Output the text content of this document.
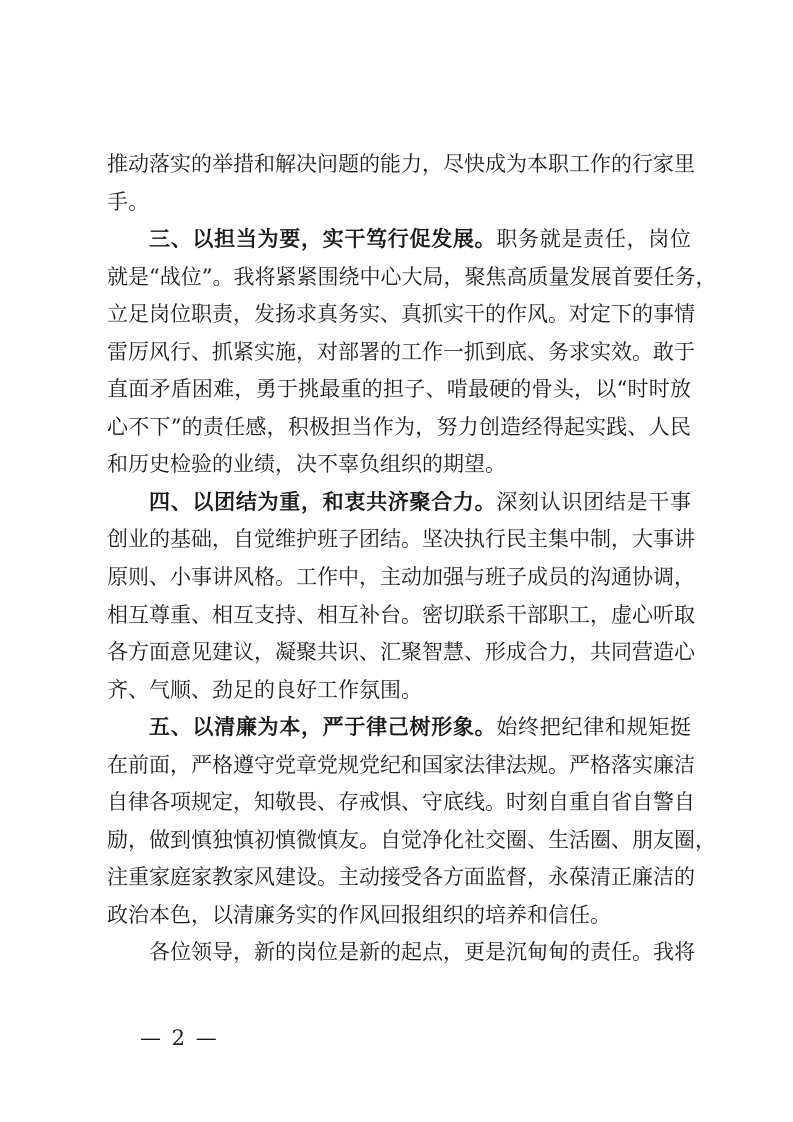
推动落实的举措和解决问题的能力，尽快成为本职工作的行家里
手。
三、以担当为要，实干笃行促发展。职务就是责任，岗位
就是“战位”。我将紧紧围绕中心大局，聚焦高质量发展首要任务，
立足岗位职责，发扬求真务实、真抓实干的作风。对定下的事情
雷厉风行、抓紧实施，对部署的工作一抓到底、务求实效。敢于
直面矛盾困难，勇于挑最重的担子、啃最硬的骨头，以“时时放
心不下”的责任感，积极担当作为，努力创造经得起实践、人民
和历史检验的业绩，决不辜负组织的期望。
四、以团结为重，和衷共济聚合力。深刻认识团结是干事
创业的基础，自觉维护班子团结。坚决执行民主集中制，大事讲
原则、小事讲风格。工作中，主动加强与班子成员的沟通协调，
相互尊重、相互支持、相互补台。密切联系干部职工，虚心听取
各方面意见建议，凝聚共识、汇聚智慧、形成合力，共同营造心
齐、气顺、劲足的良好工作氛围。
五、以清廉为本，严于律己树形象。始终把纪律和规矩挺
在前面，严格遵守党章党规党纪和国家法律法规。严格落实廉洁
自律各项规定，知敬畏、存戒惧、守底线。时刻自重自省自警自
励，做到慎独慎初慎微慎友。自觉净化社交圈、生活圈、朋友圈，
注重家庭家教家风建设。主动接受各方面监督，永葆清正廉洁的
政治本色，以清廉务实的作风回报组织的培养和信任。
各位领导，新的岗位是新的起点，更是沉甸甸的责任。我将
— 2 —
